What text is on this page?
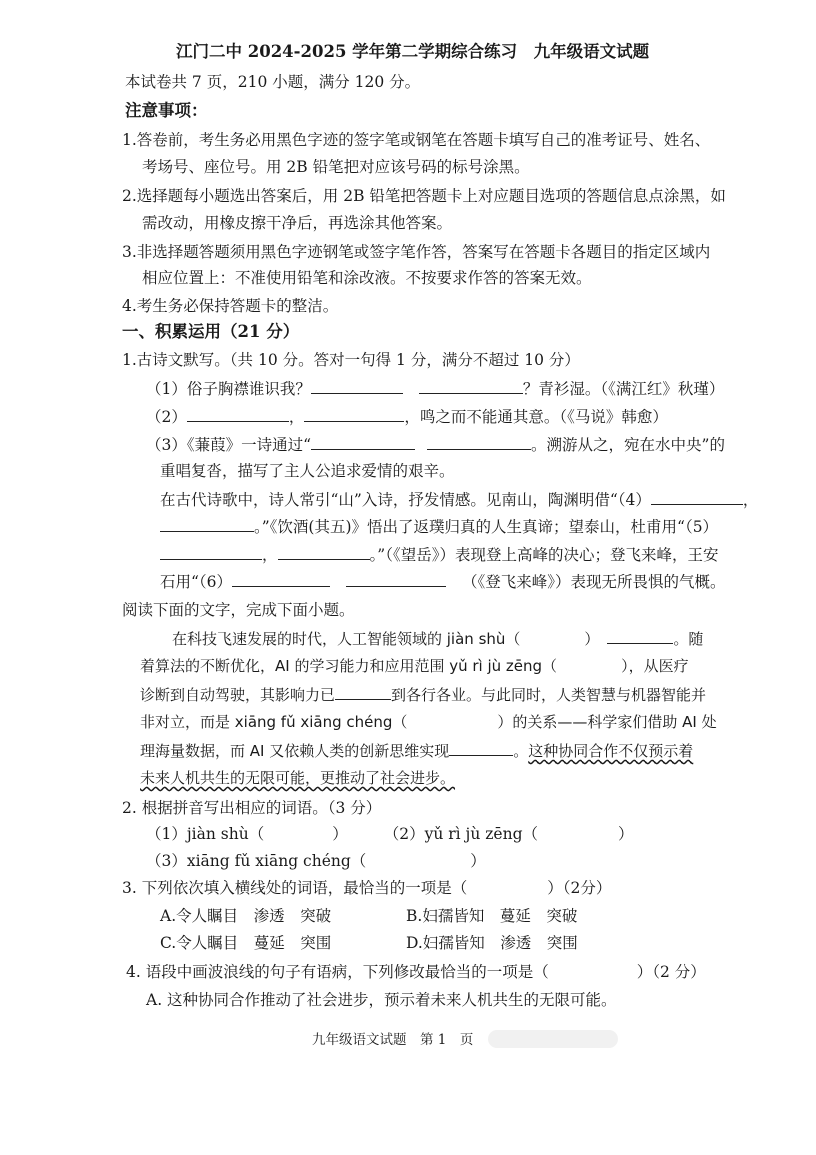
江门二中 2024-2025 学年第二学期综合练习　九年级语文试题
本试卷共 7 页，210 小题，满分 120 分。
注意事项：
1.答卷前，考生务必用黑色字迹的签字笔或钢笔在答题卡填写自己的准考证号、姓名、
考场号、座位号。用 2B 铅笔把对应该号码的标号涂黑。
2.选择题每小题选出答案后，用 2B 铅笔把答题卡上对应题目选项的答题信息点涂黑，如
需改动，用橡皮擦干净后，再选涂其他答案。
3.非选择题答题须用黑色字迹钢笔或签字笔作答，答案写在答题卡各题目的指定区域内
相应位置上：不准使用铅笔和涂改液。不按要求作答的答案无效。
4.考生务必保持答题卡的整洁。
一、积累运用（21 分）
1.古诗文默写。（共 10 分。答对一句得 1 分，满分不超过 10 分）
（1）俗子胸襟谁识我？	？青衫湿。（《满江红》秋瑾）
（2）	，	，鸣之而不能通其意。（《马说》韩愈）
（3）《蒹葭》一诗通过“	。溯游从之，宛在水中央”的
重唱复沓，描写了主人公追求爱情的艰辛。
在古代诗歌中，诗人常引“山”入诗，抒发情感。见南山，陶渊明借“（4）	，
。”《饮酒(其五)》悟出了返璞归真的人生真谛；望泰山，杜甫用“（5）
，	。”（《望岳》）表现登上高峰的决心；登飞来峰，王安
石用“（6）	（《登飞来峰》）表现无所畏惧的气概。
阅读下面的文字，完成下面小题。
在科技飞速发展的时代，人工智能领域的 jiàn shù（	）	。随
着算法的不断优化，AI 的学习能力和应用范围 yǔ rì jù zēng（	），从医疗
诊断到自动驾驶，其影响力已	到各行各业。与此同时，人类智慧与机器智能并
非对立，而是 xiāng fǔ xiāng chéng（	）的关系——科学家们借助 AI 处
理海量数据，而 AI 又依赖人类的创新思维实现	。这种协同合作不仅预示着
未来人机共生的无限可能，更推动了社会进步。
2. 根据拼音写出相应的词语。（3 分）
（1）jiàn shù（	） （2）yǔ rì jù zēng（	）
（3）xiāng fǔ xiāng chéng（	）
3. 下列依次填入横线处的词语，最恰当的一项是（	）（2分）
A.令人瞩目　渗透　突破	B.妇孺皆知　蔓延　突破
C.令人瞩目　蔓延　突围	D.妇孺皆知　渗透　突围
4. 语段中画波浪线的句子有语病，下列修改最恰当的一项是（	）（2 分）
A. 这种协同合作推动了社会进步，预示着未来人机共生的无限可能。
九年级语文试题　第 1　页
